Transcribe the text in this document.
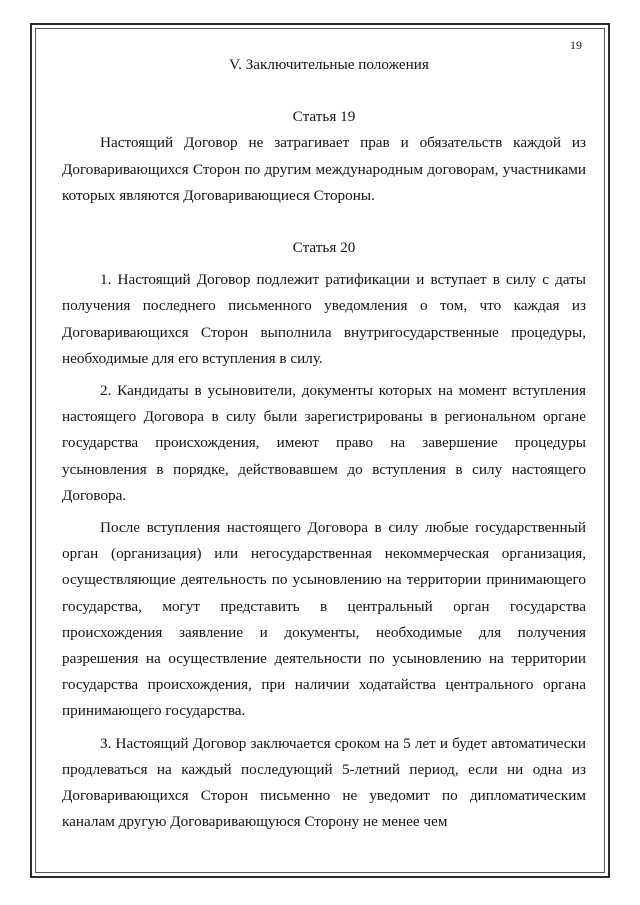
19
V. Заключительные положения
Статья 19

Настоящий Договор не затрагивает прав и обязательств каждой из Договаривающихся Сторон по другим международным договорам, участниками которых являются Договаривающиеся Стороны.

Статья 20

1. Настоящий Договор подлежит ратификации и вступает в силу с даты получения последнего письменного уведомления о том, что каждая из Договаривающихся Сторон выполнила внутригосударственные процедуры, необходимые для его вступления в силу.

2. Кандидаты в усыновители, документы которых на момент вступления настоящего Договора в силу были зарегистрированы в региональном органе государства происхождения, имеют право на завершение процедуры усыновления в порядке, действовавшем до вступления в силу настоящего Договора.

После вступления настоящего Договора в силу любые государственный орган (организация) или негосударственная некоммерческая организация, осуществляющие деятельность по усыновлению на территории принимающего государства, могут представить в центральный орган государства происхождения заявление и документы, необходимые для получения разрешения на осуществление деятельности по усыновлению на территории государства происхождения, при наличии ходатайства центрального органа принимающего государства.

3. Настоящий Договор заключается сроком на 5 лет и будет автоматически продлеваться на каждый последующий 5-летний период, если ни одна из Договаривающихся Сторон письменно не уведомит по дипломатическим каналам другую Договаривающуюся Сторону не менее чем
